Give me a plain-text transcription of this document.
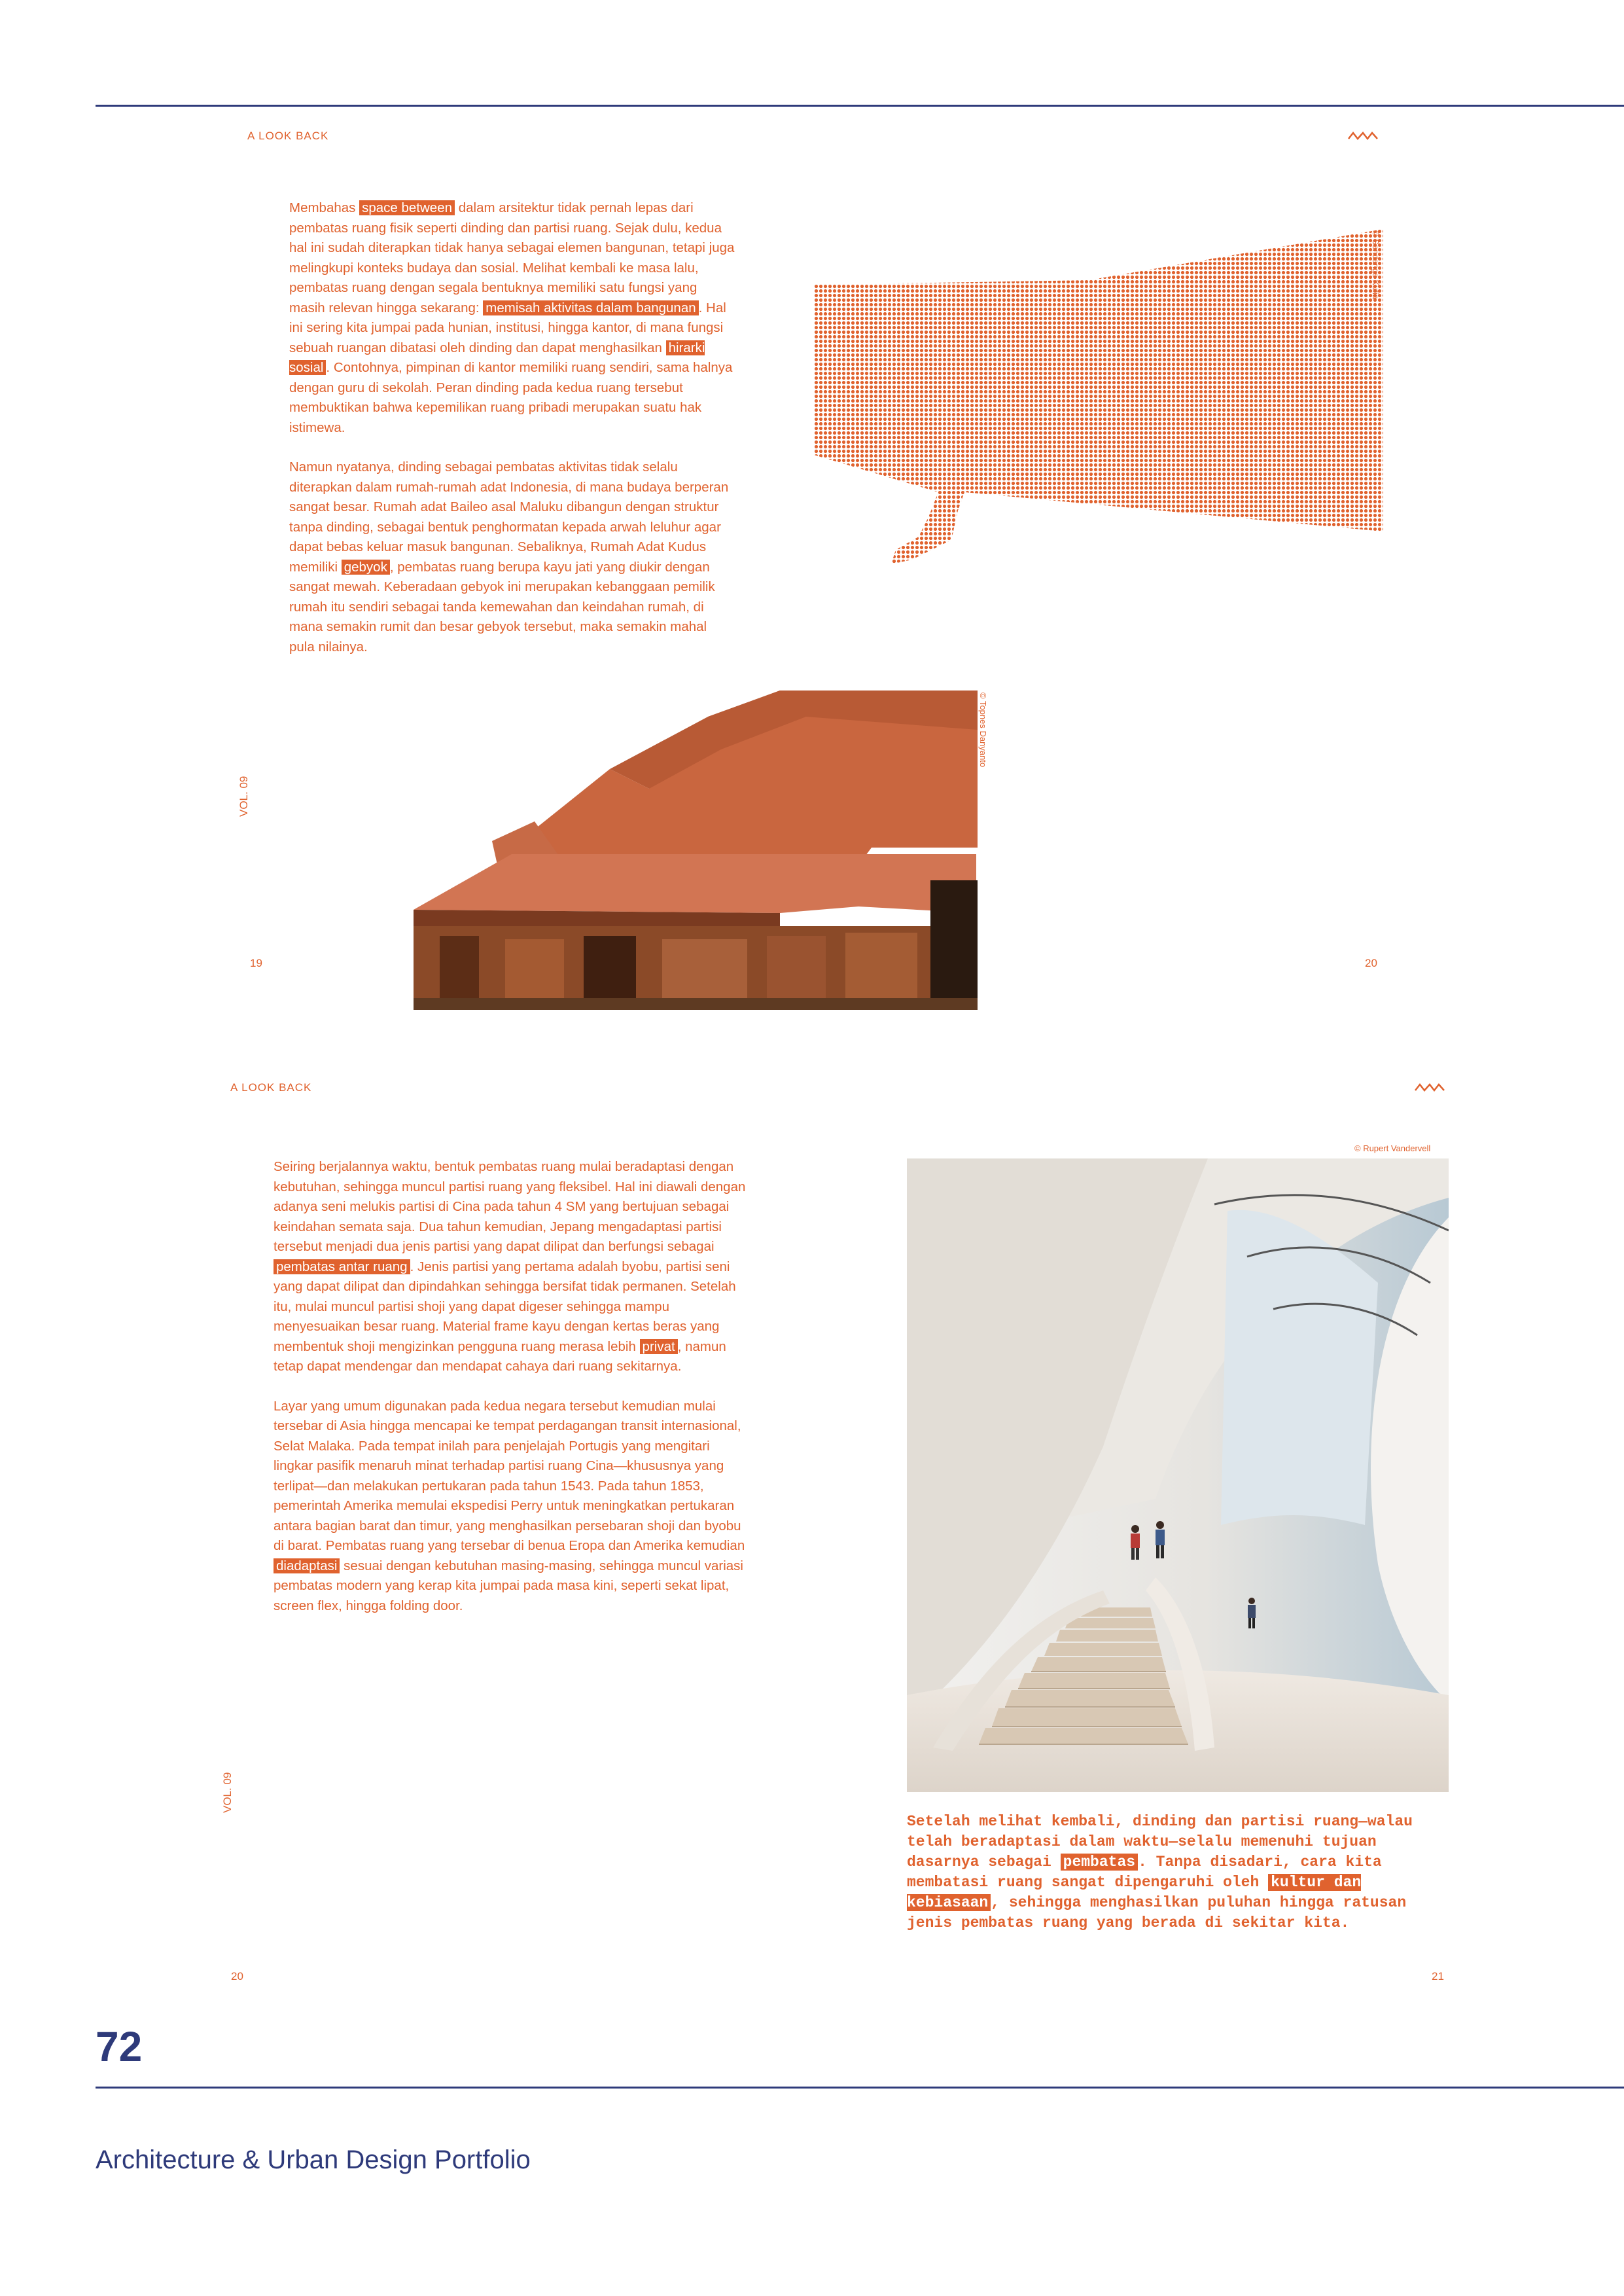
A LOOK BACK

Membahas space between dalam arsitektur tidak pernah lepas dari pembatas ruang fisik seperti dinding dan partisi ruang. Sejak dulu, kedua hal ini sudah diterapkan tidak hanya sebagai elemen bangunan, tetapi juga melingkupi konteks budaya dan sosial. Melihat kembali ke masa lalu, pembatas ruang dengan segala bentuknya memiliki satu fungsi yang masih relevan hingga sekarang: memisah aktivitas dalam bangunan . Hal ini sering kita jumpai pada hunian, institusi, hingga kantor, di mana fungsi sebuah ruangan dibatasi oleh dinding dan dapat menghasilkan hirarki sosial . Contohnya, pimpinan di kantor memiliki ruang sendiri, sama halnya dengan guru di sekolah. Peran dinding pada kedua ruang tersebut membuktikan bahwa kepemilikan ruang pribadi merupakan suatu hak istimewa.

Namun nyatanya, dinding sebagai pembatas aktivitas tidak selalu diterapkan dalam rumah-rumah adat Indonesia, di mana budaya berperan sangat besar. Rumah adat Baileo asal Maluku dibangun dengan struktur tanpa dinding, sebagai bentuk penghormatan kepada arwah leluhur agar dapat bebas keluar masuk bangunan. Sebaliknya, Rumah Adat Kudus memiliki gebyok , pembatas ruang berupa kayu jati yang diukir dengan sangat mewah. Keberadaan gebyok ini merupakan kebanggaan pemilik rumah itu sendiri sebagai tanda kemewahan dan keindahan rumah, di mana semakin rumit dan besar gebyok tersebut, maka semakin mahal pula nilainya.

© Sendangs Kufia
© Topnes Danyanto
VOL. 09
19	20
A LOOK BACK

Seiring berjalannya waktu, bentuk pembatas ruang mulai beradaptasi dengan kebutuhan, sehingga muncul partisi ruang yang fleksibel. Hal ini diawali dengan adanya seni melukis partisi di Cina pada tahun 4 SM yang bertujuan sebagai keindahan semata saja. Dua tahun kemudian, Jepang mengadaptasi partisi tersebut menjadi dua jenis partisi yang dapat dilipat dan berfungsi sebagai pembatas antar ruang . Jenis partisi yang pertama adalah byobu, partisi seni yang dapat dilipat dan dipindahkan sehingga bersifat tidak permanen. Setelah itu, mulai muncul partisi shoji yang dapat digeser sehingga mampu menyesuaikan besar ruang. Material frame kayu dengan kertas beras yang membentuk shoji mengizinkan pengguna ruang merasa lebih privat , namun tetap dapat mendengar dan mendapat cahaya dari ruang sekitarnya.

Layar yang umum digunakan pada kedua negara tersebut kemudian mulai tersebar di Asia hingga mencapai ke tempat perdagangan transit internasional, Selat Malaka. Pada tempat inilah para penjelajah Portugis yang mengitari lingkar pasifik menaruh minat terhadap partisi ruang Cina—khususnya yang terlipat—dan melakukan pertukaran pada tahun 1543. Pada tahun 1853, pemerintah Amerika memulai ekspedisi Perry untuk meningkatkan pertukaran antara bagian barat dan timur, yang menghasilkan persebaran shoji dan byobu di barat. Pembatas ruang yang tersebar di benua Eropa dan Amerika kemudian diadaptasi sesuai dengan kebutuhan masing-masing, sehingga muncul variasi pembatas modern yang kerap kita jumpai pada masa kini, seperti sekat lipat, screen flex, hingga folding door.

© Rupert Vandervell
Setelah melihat kembali, dinding dan partisi ruang—walau telah beradaptasi dalam waktu—selalu memenuhi tujuan dasarnya sebagai pembatas . Tanpa disadari, cara kita membatasi ruang sangat dipengaruhi oleh kultur dan kebiasaan , sehingga menghasilkan puluhan hingga ratusan jenis pembatas ruang yang berada di sekitar kita.
VOL. 09
20	21
72
Architecture & Urban Design Portfolio
